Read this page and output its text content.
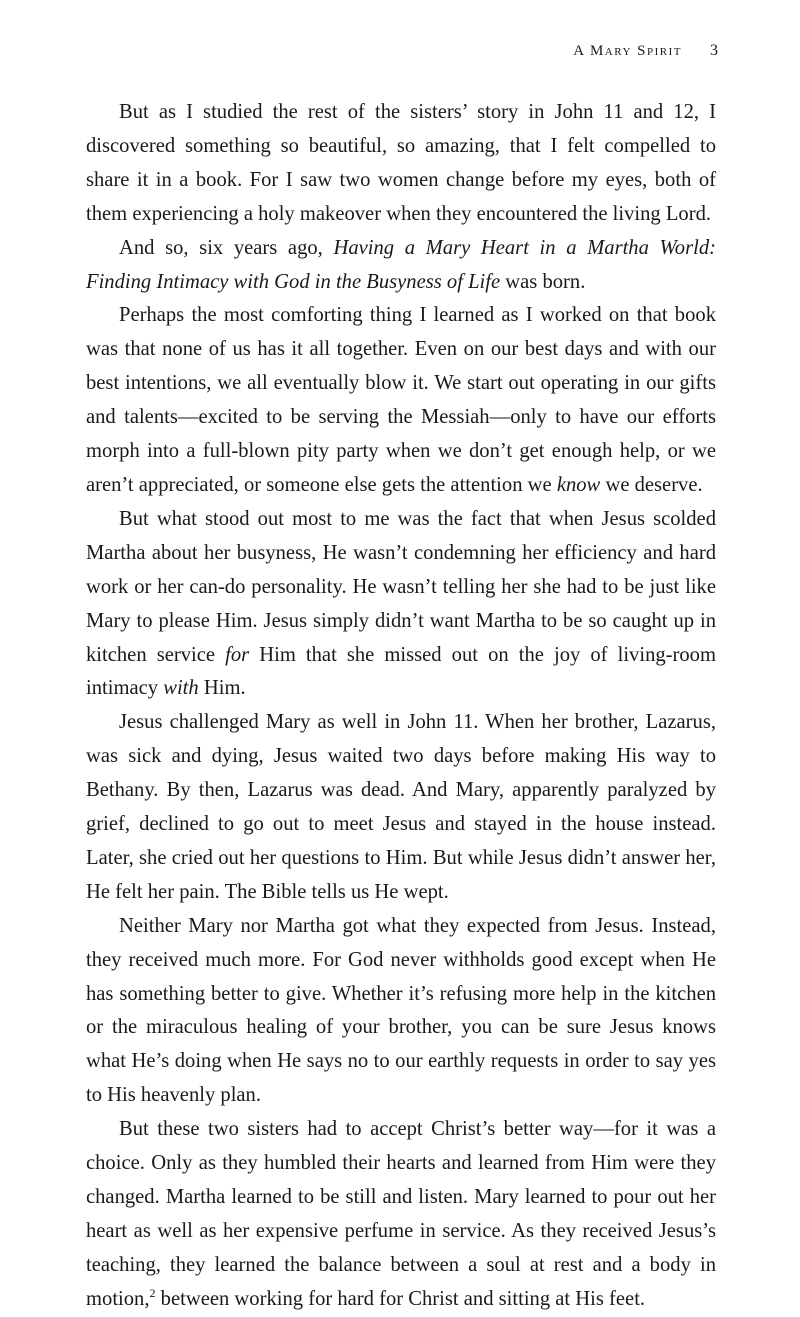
A Mary Spirit 3

But as I studied the rest of the sisters’ story in John 11 and 12, I discovered something so beautiful, so amazing, that I felt compelled to share it in a book. For I saw two women change before my eyes, both of them experiencing a holy makeover when they encountered the living Lord.

And so, six years ago, Having a Mary Heart in a Martha World: Finding Intimacy with God in the Busyness of Life was born.

Perhaps the most comforting thing I learned as I worked on that book was that none of us has it all together. Even on our best days and with our best intentions, we all eventually blow it. We start out operating in our gifts and talents—excited to be serving the Messiah—only to have our efforts morph into a full-blown pity party when we don’t get enough help, or we aren’t appreciated, or someone else gets the attention we know we deserve.

But what stood out most to me was the fact that when Jesus scolded Martha about her busyness, He wasn’t condemning her efficiency and hard work or her can-do personality. He wasn’t telling her she had to be just like Mary to please Him. Jesus simply didn’t want Martha to be so caught up in kitchen service for Him that she missed out on the joy of living-room intimacy with Him.

Jesus challenged Mary as well in John 11. When her brother, Lazarus, was sick and dying, Jesus waited two days before making His way to Bethany. By then, Lazarus was dead. And Mary, apparently paralyzed by grief, declined to go out to meet Jesus and stayed in the house instead. Later, she cried out her questions to Him. But while Jesus didn’t answer her, He felt her pain. The Bible tells us He wept.

Neither Mary nor Martha got what they expected from Jesus. Instead, they received much more. For God never withholds good except when He has something better to give. Whether it’s refusing more help in the kitchen or the miraculous healing of your brother, you can be sure Jesus knows what He’s doing when He says no to our earthly requests in order to say yes to His heavenly plan.

But these two sisters had to accept Christ’s better way—for it was a choice. Only as they humbled their hearts and learned from Him were they changed. Martha learned to be still and listen. Mary learned to pour out her heart as well as her expensive perfume in service. As they received Jesus’s teaching, they learned the balance between a soul at rest and a body in motion,$^2$ between working for hard for Christ and sitting at His feet.
